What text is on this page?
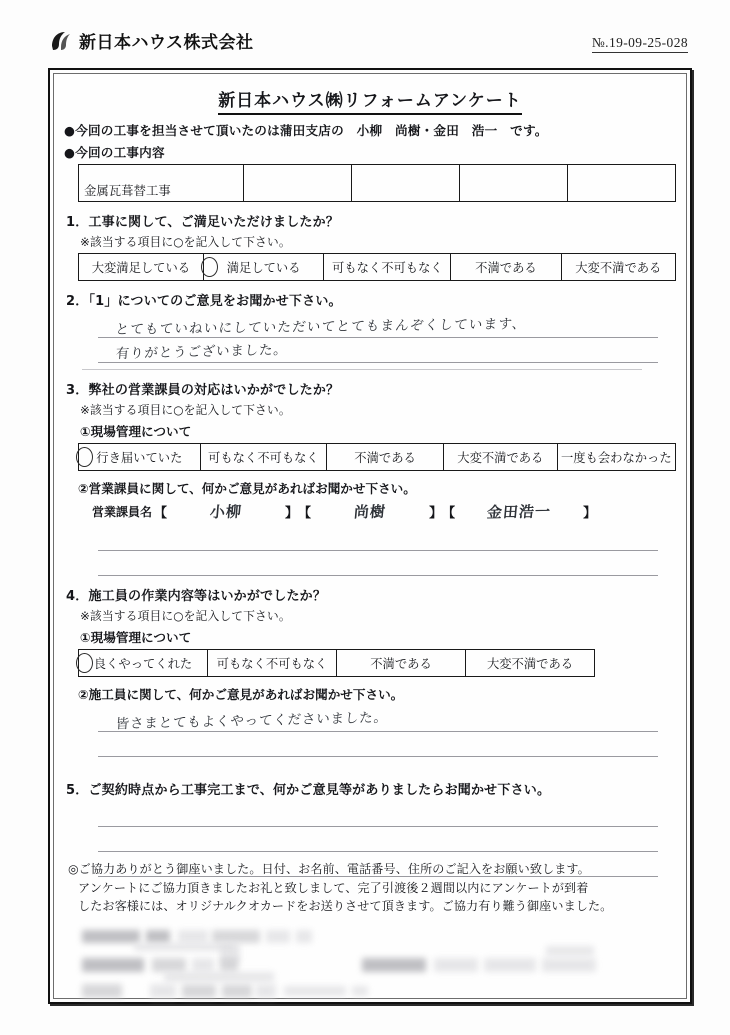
新日本ハウス株式会社	№.19-09-25-028
新日本ハウス㈱リフォームアンケート
●今回の工事を担当させて頂いたのは蒲田支店の　小柳　尚樹・金田　浩一　です。
●今回の工事内容
金属瓦葺替工事				
1．工事に関して、ご満足いただけましたか？
※該当する項目に○を記入して下さい。
大変満足している	満足している	可もなく不可もなく	不満である	大変不満である
2．「1」についてのご意見をお聞かせ下さい。
とてもていねいにしていただいてとてもまんぞくしています、
有りがとうございました。
3．弊社の営業課員の対応はいかがでしたか？
※該当する項目に○を記入して下さい。
①現場管理について
行き届いていた	可もなく不可もなく	不満である	大変不満である	一度も会わなかった
②営業課員に関して、何かご意見があればお聞かせ下さい。
営業課員名 【	小柳	】 【	尚樹	】 【	金田浩一	】
4．施工員の作業内容等はいかがでしたか？
※該当する項目に○を記入して下さい。
①現場管理について
良くやってくれた	可もなく不可もなく	不満である	大変不満である
②施工員に関して、何かご意見があればお聞かせ下さい。
皆さまとてもよくやってくださいました。
5．ご契約時点から工事完工まで、何かご意見等がありましたらお聞かせ下さい。
◎ご協力ありがとう御座いました。日付、お名前、電話番号、住所のご記入をお願い致します。
アンケートにご協力頂きましたお礼と致しまして、完了引渡後２週間以内にアンケートが到着
したお客様には、オリジナルクオカードをお送りさせて頂きます。ご協力有り難う御座いました。
